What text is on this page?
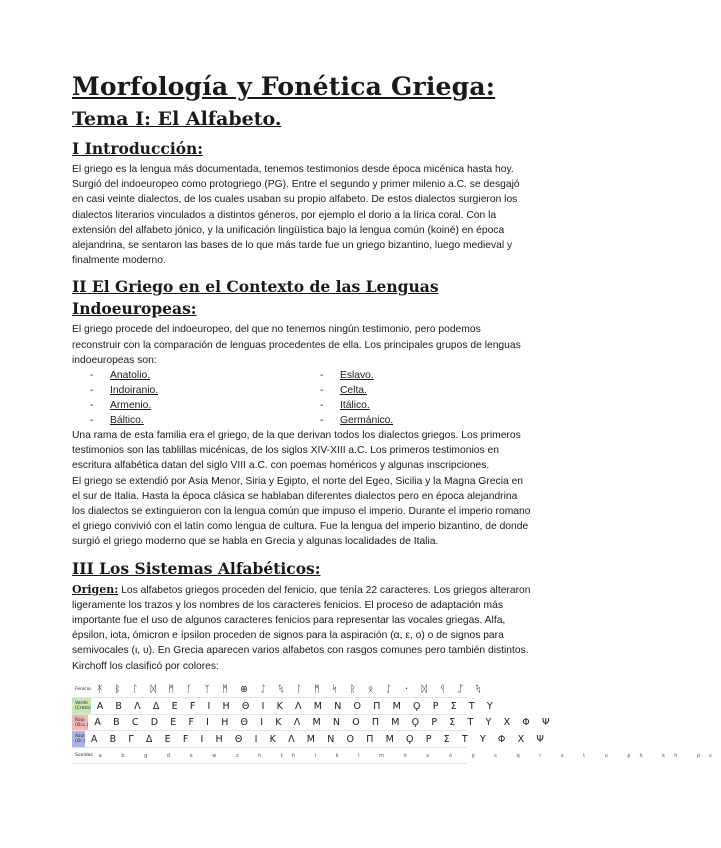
Morfología y Fonética Griega:
Tema I: El Alfabeto.
I Introducción:

El griego es la lengua más documentada, tenemos testimonios desde época micénica hasta hoy. Surgió del indoeuropeo como protogriego (PG). Entre el segundo y primer milenio a.C. se desgajó en casi veinte dialectos, de los cuales usaban su propio alfabeto. De estos dialectos surgieron los dialectos literarios vinculados a distintos géneros, por ejemplo el dorio a la lírica coral. Con la extensión del alfabeto jónico, y la unificación lingüística bajo la lengua común (koiné) en época alejandrina, se sentaron las bases de lo que más tarde fue un griego bizantino, luego medieval y finalmente moderno.

II El Griego en el Contexto de las Lenguas Indoeuropeas:

El griego procede del indoeuropeo, del que no tenemos ningún testimonio, pero podemos reconstruir con la comparación de lenguas procedentes de ella. Los principales grupos de lenguas indoeuropeas son:

-	Anatolio.
-	Indoiranio.
-	Armenio.
-	Báltico.
-	Eslavo.
-	Celta.
-	Itálico.
-	Germánico.

Una rama de esta familia era el griego, de la que derivan todos los dialectos griegos. Los primeros testimonios son las tablillas micénicas, de los siglos XIV-XIII a.C. Los primeros testimonios en escritura alfabética datan del siglo VIII a.C. con poemas homéricos y algunas inscripciones.

El griego se extendió por Asia Menor, Siria y Egipto, el norte del Egeo, Sicilia y la Magna Grecia en el sur de Italia. Hasta la época clásica se hablaban diferentes dialectos pero en época alejandrina los dialectos se extinguieron con la lengua común que impuso el imperio. Durante el imperio romano el griego convivió con el latín como lengua de cultura. Fue la lengua del imperio bizantino, de donde surgió el griego moderno que se habla en Grecia y algunas localidades de Italia.

III Los Sistemas Alfabéticos:

Origen: Los alfabetos griegos proceden del fenicio, que tenía 22 caracteres. Los griegos alteraron ligeramente los trazos y los nombres de los caracteres fenicios. El proceso de adaptación más importante fue el uso de algunos caracteres fenicios para representar las vocales griegas. Alfa, épsilon, iota, ómicron e ípsilon proceden de signos para la aspiración (α, ε, o) o de signos para semivocales (ι, υ). En Grecia aparecen varios alfabetos con rasgos comunes pero también distintos. Kirchoff los clasificó por colores:

Fenicio ᛡ ᛒ ᛚ ᛞ ᛗ ᚴ ᛉ ᛗ ⊕ ᛇ ᛪ ᛚ ᛗ ᛋ ᚱ ᛟ ᛇ ᛫ ᛞ ᛩ ᛢ ᛪ
Verde (Creta) Α Β Λ Δ Ε Ϝ Ι Η Θ Ι Κ Λ Μ Ν Ο Π Μ Ϙ Ρ Σ Τ Υ
Rojo (Occ.) Α Β C D Ε Ϝ Ι Η Θ Ι Κ Λ Μ Ν Ο Π Μ Ϙ Ρ Σ Τ Υ Χ Φ Ψ
Azul (Or.) Α Β Γ Δ Ε Ϝ Ι Η Θ Ι Κ Λ Μ Ν Ο Π Μ Ϙ Ρ Σ Τ Υ Φ Χ Ψ
Sonidos	a b g d e w z h th i k l m n x o p s q r s t u ph kh ps
